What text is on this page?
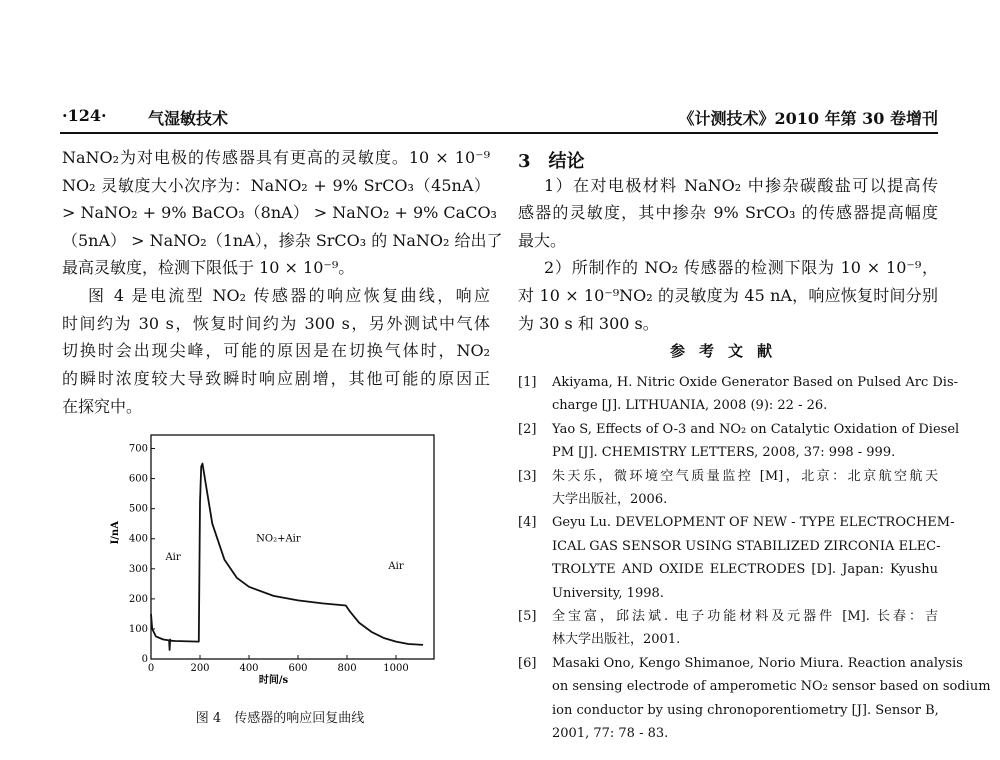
·124·	气湿敏技术	《计测技术》2010 年第 30 卷增刊
NaNO₂为对电极的传感器具有更高的灵敏度。10 × 10⁻⁹
NO₂ 灵敏度大小次序为：NaNO₂ + 9% SrCO₃（45nA）
> NaNO₂ + 9% BaCO₃（8nA） > NaNO₂ + 9% CaCO₃
（5nA） > NaNO₂（1nA），掺杂 SrCO₃ 的 NaNO₂ 给出了
最高灵敏度，检测下限低于 10 × 10⁻⁹。
图 4 是电流型 NO₂ 传感器的响应恢复曲线，响应
时间约为 30 s，恢复时间约为 300 s，另外测试中气体
切换时会出现尖峰，可能的原因是在切换气体时，NO₂
的瞬时浓度较大导致瞬时响应剧增，其他可能的原因正
在探究中。
3　结论
1）在对电极材料 NaNO₂ 中掺杂碳酸盐可以提高传
感器的灵敏度，其中掺杂 9% SrCO₃ 的传感器提高幅度
最大。
2）所制作的 NO₂ 传感器的检测下限为 10 × 10⁻⁹，
对 10 × 10⁻⁹NO₂ 的灵敏度为 45 nA，响应恢复时间分别
为 30 s 和 300 s。
参考文献
[1] Akiyama, H. Nitric Oxide Generator Based on Pulsed Arc Dis-
charge [J]. LITHUANIA, 2008 (9): 22 - 26.
[2] Yao S, Effects of O-3 and NO₂ on Catalytic Oxidation of Diesel
PM [J]. CHEMISTRY LETTERS, 2008, 37: 998 - 999.
[3] 朱天乐，微环境空气质量监控 [M]，北京：北京航空航天
大学出版社，2006.
[4] Geyu Lu. DEVELOPMENT OF NEW - TYPE ELECTROCHEM-
ICAL GAS SENSOR USING STABILIZED ZIRCONIA ELEC-
TROLYTE AND OXIDE ELECTRODES [D]. Japan: Kyushu
University, 1998.
[5] 全宝富，邱法斌. 电子功能材料及元器件 [M]. 长春：吉
林大学出版社，2001.
[6] Masaki Ono, Kengo Shimanoe, Norio Miura. Reaction analysis
on sensing electrode of amperometic NO₂ sensor based on sodium
ion conductor by using chronoporentiometry [J]. Sensor B,
2001, 77: 78 - 83.
0	200	400	600	800	1000
0
100
200
300
400
500
600
700
时间/s
I/nA
Air
NO₂+Air
Air
图 4　传感器的响应回复曲线
